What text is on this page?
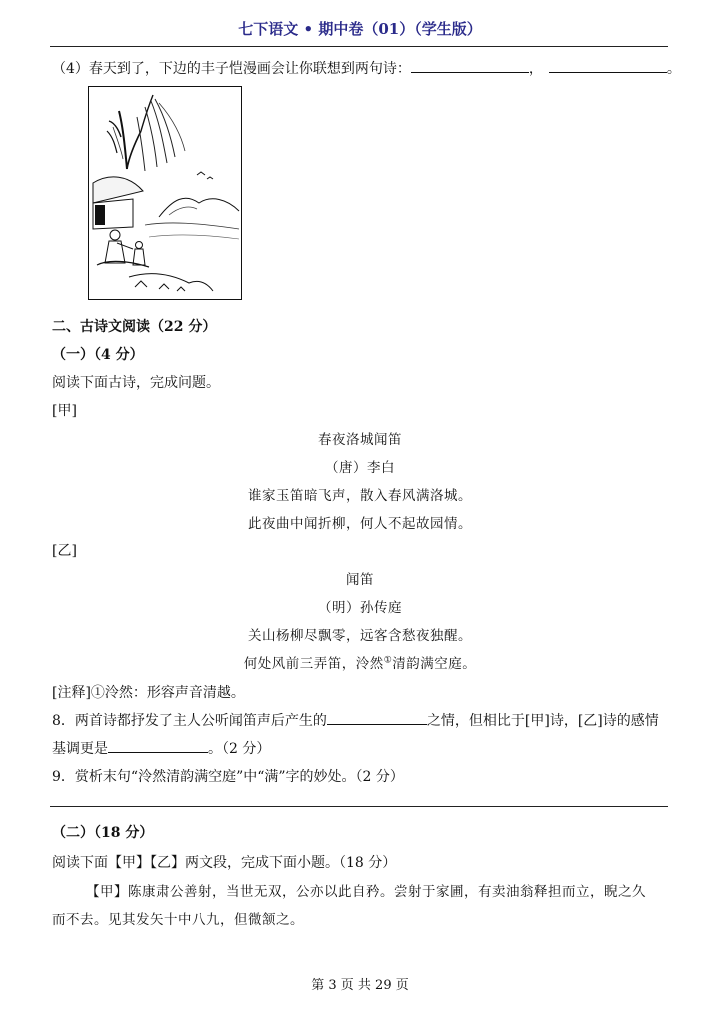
七下语文 • 期中卷（01）（学生版）
（4）春天到了，下边的丰子恺漫画会让你联想到两句诗：	，	。
二、古诗文阅读（22 分）
（一）（4 分）
阅读下面古诗，完成问题。
[甲]
春夜洛城闻笛
（唐）李白
谁家玉笛暗飞声，散入春风满洛城。
此夜曲中闻折柳，何人不起故园情。
[乙]
闻笛
（明）孙传庭
关山杨柳尽飘零，远客含愁夜独醒。
何处风前三弄笛，泠然①清韵满空庭。
[注释]①泠然：形容声音清越。
8．两首诗都抒发了主人公听闻笛声后产生的	之情，但相比于[甲]诗，[乙]诗的感情
基调更是	。（2 分）
9．赏析末句“泠然清韵满空庭”中“满”字的妙处。（2 分）
（二）（18 分）
阅读下面【甲】【乙】两文段，完成下面小题。（18 分）
【甲】陈康肃公善射，当世无双，公亦以此自矜。尝射于家圃，有卖油翁释担而立，睨之久
而不去。见其发矢十中八九，但微颔之。
第 3 页 共 29 页
